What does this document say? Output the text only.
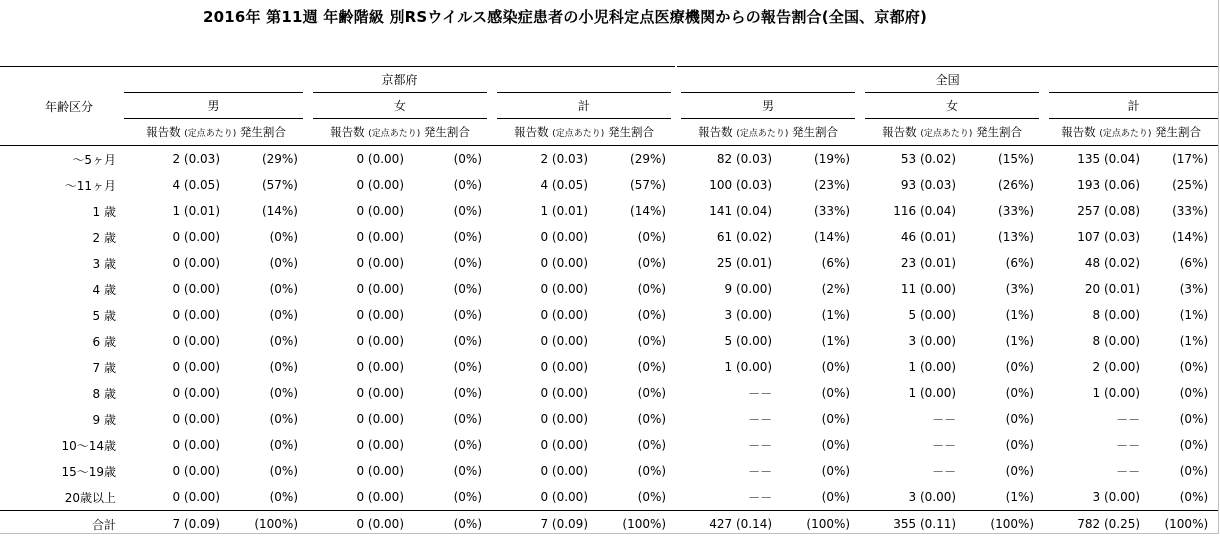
2016年 第11週 年齢階級 別RSウイルス感染症患者の小児科定点医療機関からの報告割合(全国、京都府)
年齢区分	京都府						全国					
	男		女		計		男		女		計	
	報告数 (定点あたり) 発生割合		報告数 (定点あたり) 発生割合		報告数 (定点あたり) 発生割合		報告数 (定点あたり) 発生割合		報告数 (定点あたり) 発生割合		報告数 (定点あたり) 発生割合	
〜5ヶ月	2 (0.03)	(29%)	0 (0.00)	(0%)	2 (0.03)	(29%)	82 (0.03)	(19%)	53 (0.02)	(15%)	135 (0.04)	(17%)
〜11ヶ月	4 (0.05)	(57%)	0 (0.00)	(0%)	4 (0.05)	(57%)	100 (0.03)	(23%)	93 (0.03)	(26%)	193 (0.06)	(25%)
1 歳	1 (0.01)	(14%)	0 (0.00)	(0%)	1 (0.01)	(14%)	141 (0.04)	(33%)	116 (0.04)	(33%)	257 (0.08)	(33%)
2 歳	0 (0.00)	(0%)	0 (0.00)	(0%)	0 (0.00)	(0%)	61 (0.02)	(14%)	46 (0.01)	(13%)	107 (0.03)	(14%)
3 歳	0 (0.00)	(0%)	0 (0.00)	(0%)	0 (0.00)	(0%)	25 (0.01)	(6%)	23 (0.01)	(6%)	48 (0.02)	(6%)
4 歳	0 (0.00)	(0%)	0 (0.00)	(0%)	0 (0.00)	(0%)	9 (0.00)	(2%)	11 (0.00)	(3%)	20 (0.01)	(3%)
5 歳	0 (0.00)	(0%)	0 (0.00)	(0%)	0 (0.00)	(0%)	3 (0.00)	(1%)	5 (0.00)	(1%)	8 (0.00)	(1%)
6 歳	0 (0.00)	(0%)	0 (0.00)	(0%)	0 (0.00)	(0%)	5 (0.00)	(1%)	3 (0.00)	(1%)	8 (0.00)	(1%)
7 歳	0 (0.00)	(0%)	0 (0.00)	(0%)	0 (0.00)	(0%)	1 (0.00)	(0%)	1 (0.00)	(0%)	2 (0.00)	(0%)
8 歳	0 (0.00)	(0%)	0 (0.00)	(0%)	0 (0.00)	(0%)	－－	(0%)	1 (0.00)	(0%)	1 (0.00)	(0%)
9 歳	0 (0.00)	(0%)	0 (0.00)	(0%)	0 (0.00)	(0%)	－－	(0%)	－－	(0%)	－－	(0%)
10〜14歳	0 (0.00)	(0%)	0 (0.00)	(0%)	0 (0.00)	(0%)	－－	(0%)	－－	(0%)	－－	(0%)
15〜19歳	0 (0.00)	(0%)	0 (0.00)	(0%)	0 (0.00)	(0%)	－－	(0%)	－－	(0%)	－－	(0%)
20歳以上	0 (0.00)	(0%)	0 (0.00)	(0%)	0 (0.00)	(0%)	－－	(0%)	3 (0.00)	(1%)	3 (0.00)	(0%)
合計	7 (0.09)	(100%)	0 (0.00)	(0%)	7 (0.09)	(100%)	427 (0.14)	(100%)	355 (0.11)	(100%)	782 (0.25)	(100%)
